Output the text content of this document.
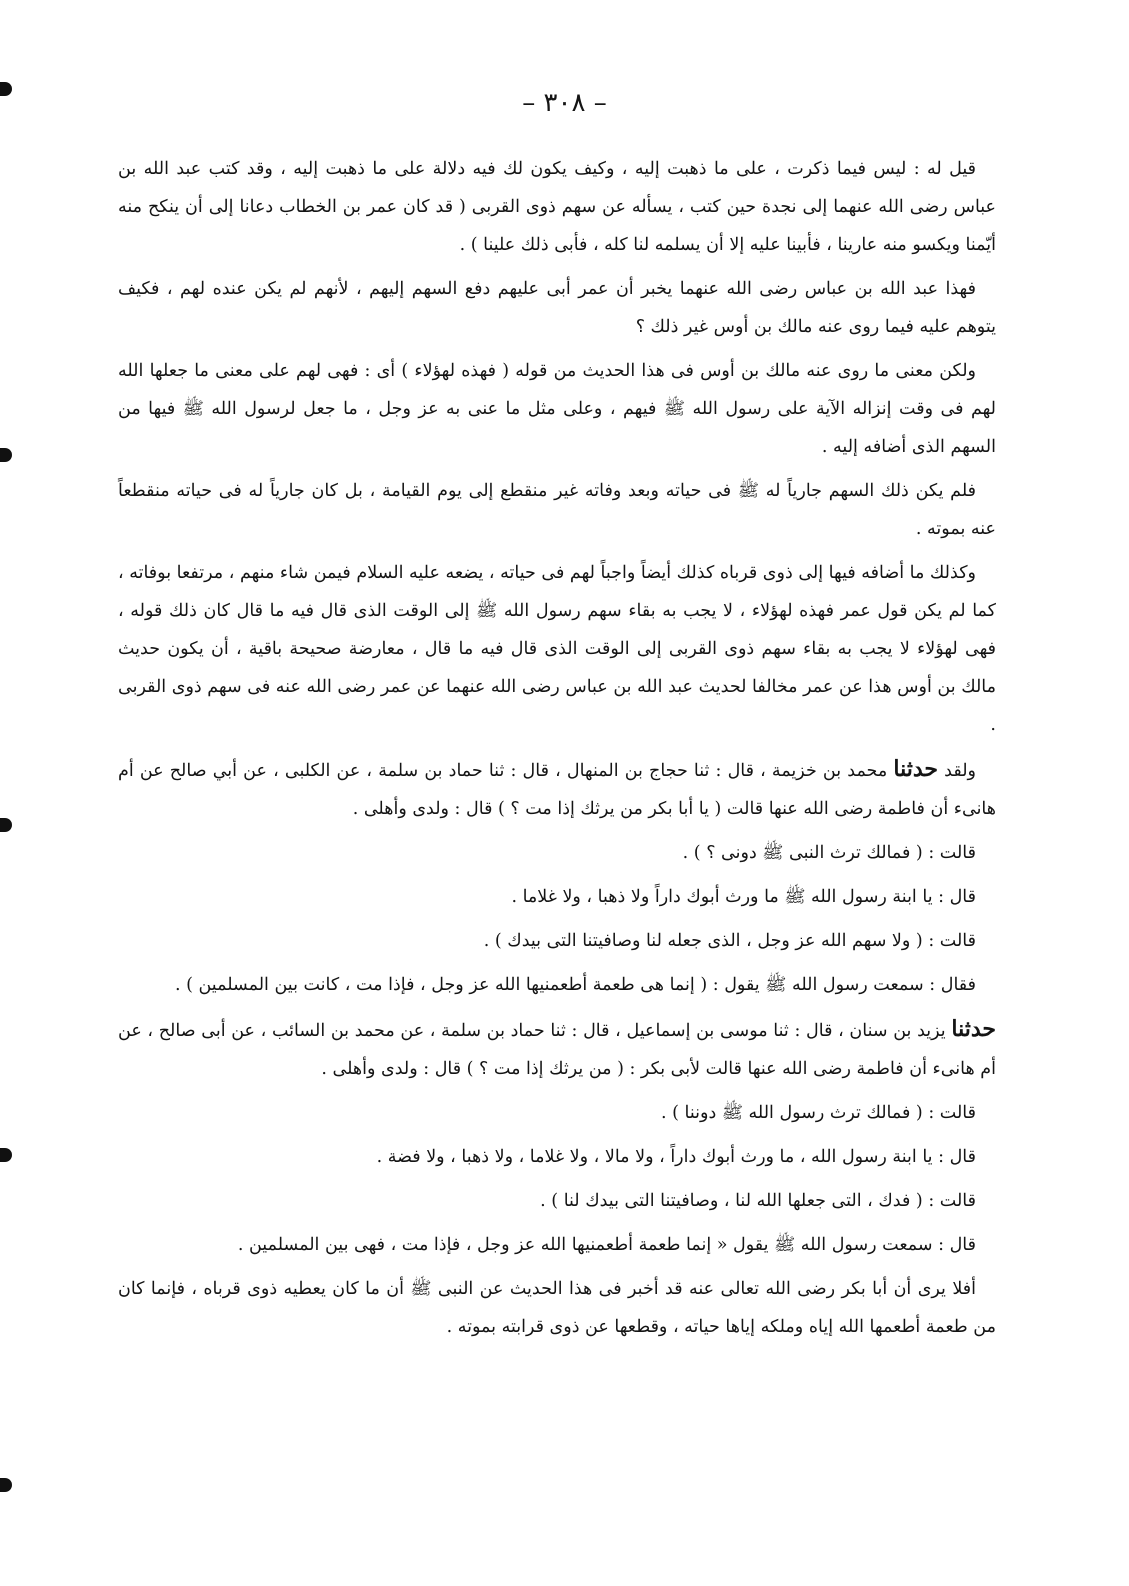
– ٣٠٨ –

قيل له : ليس فيما ذكرت ، على ما ذهبت إليه ، وكيف يكون لك فيه دلالة على ما ذهبت إليه ، وقد كتب عبد الله بن عباس رضى الله عنهما إلى نجدة حين كتب ، يسأله عن سهم ذوى القربى ( قد كان عمر بن الخطاب دعانا إلى أن ينكح منه أيّمنا ويكسو منه عارينا ، فأبينا عليه إلا أن يسلمه لنا كله ، فأبى ذلك علينا ) .

فهذا عبد الله بن عباس رضى الله عنهما يخبر أن عمر أبى عليهم دفع السهم إليهم ، لأنهم لم يكن عنده لهم ، فكيف يتوهم عليه فيما روى عنه مالك بن أوس غير ذلك ؟

ولكن معنى ما روى عنه مالك بن أوس فى هذا الحديث من قوله ( فهذه لهؤلاء ) أى : فهى لهم على معنى ما جعلها الله لهم فى وقت إنزاله الآية على رسول الله ﷺ فيهم ، وعلى مثل ما عنى به عز وجل ، ما جعل لرسول الله ﷺ فيها من السهم الذى أضافه إليه .

فلم يكن ذلك السهم جارياً له ﷺ فى حياته وبعد وفاته غير منقطع إلى يوم القيامة ، بل كان جارياً له فى حياته منقطعاً عنه بموته .

وكذلك ما أضافه فيها إلى ذوى قرباه كذلك أيضاً واجباً لهم فى حياته ، يضعه عليه السلام فيمن شاء منهم ، مرتفعا بوفاته ، كما لم يكن قول عمر فهذه لهؤلاء ، لا يجب به بقاء سهم رسول الله ﷺ إلى الوقت الذى قال فيه ما قال كان ذلك قوله ، فهى لهؤلاء لا يجب به بقاء سهم ذوى القربى إلى الوقت الذى قال فيه ما قال ، معارضة صحيحة باقية ، أن يكون حديث مالك بن أوس هذا عن عمر مخالفا لحديث عبد الله بن عباس رضى الله عنهما عن عمر رضى الله عنه فى سهم ذوى القربى .

ولقد حدثنا محمد بن خزيمة ، قال : ثنا حجاج بن المنهال ، قال : ثنا حماد بن سلمة ، عن الكلبى ، عن أبي صالح عن أم هانىء أن فاطمة رضى الله عنها قالت ( يا أبا بكر من يرثك إذا مت ؟ ) قال : ولدى وأهلى .

قالت : ( فمالك ترث النبى ﷺ دونى ؟ ) .

قال : يا ابنة رسول الله ﷺ ما ورث أبوك داراً ولا ذهبا ، ولا غلاما .

قالت : ( ولا سهم الله عز وجل ، الذى جعله لنا وصافيتنا التى بيدك ) .

فقال : سمعت رسول الله ﷺ يقول : ( إنما هى طعمة أطعمنيها الله عز وجل ، فإذا مت ، كانت بين المسلمين ) .

حدثنا يزيد بن سنان ، قال : ثنا موسى بن إسماعيل ، قال : ثنا حماد بن سلمة ، عن محمد بن السائب ، عن أبى صالح ، عن أم هانىء أن فاطمة رضى الله عنها قالت لأبى بكر : ( من يرثك إذا مت ؟ ) قال : ولدى وأهلى .

قالت : ( فمالك ترث رسول الله ﷺ دوننا ) .

قال : يا ابنة رسول الله ، ما ورث أبوك داراً ، ولا مالا ، ولا غلاما ، ولا ذهبا ، ولا فضة .

قالت : ( فدك ، التى جعلها الله لنا ، وصافيتنا التى بيدك لنا ) .

قال : سمعت رسول الله ﷺ يقول « إنما طعمة أطعمنيها الله عز وجل ، فإذا مت ، فهى بين المسلمين .

أفلا يرى أن أبا بكر رضى الله تعالى عنه قد أخبر فى هذا الحديث عن النبى ﷺ أن ما كان يعطيه ذوى قرباه ، فإنما كان من طعمة أطعمها الله إياه وملكه إياها حياته ، وقطعها عن ذوى قرابته بموته .
